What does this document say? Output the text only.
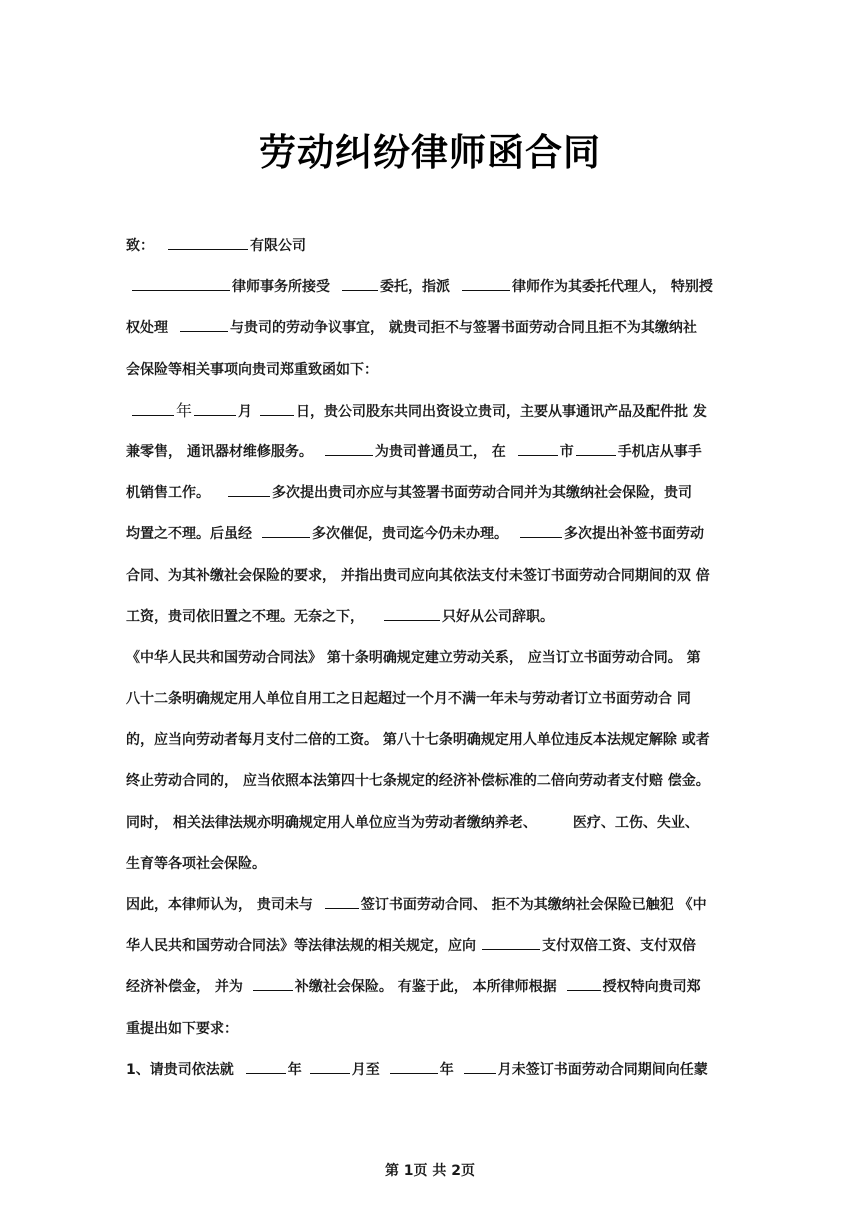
劳动纠纷律师函合同
致：	有限公司
律师事务所接受	委托，指派	律师作为其委托代理人， 特别授
权处理	与贵司的劳动争议事宜， 就贵司拒不与签署书面劳动合同且拒不为其缴纳社
会保险等相关事项向贵司郑重致函如下：
年	月	日，贵公司股东共同出资设立贵司，主要从事通讯产品及配件批 发
兼零售， 通讯器材维修服务。	为贵司普通员工， 在	市	手机店从事手
机销售工作。	多次提出贵司亦应与其签署书面劳动合同并为其缴纳社会保险，贵司
均置之不理。后虽经	多次催促，贵司迄今仍未办理。	多次提出补签书面劳动
合同、为其补缴社会保险的要求， 并指出贵司应向其依法支付未签订书面劳动合同期间的双 倍
工资，贵司依旧置之不理。无奈之下，	只好从公司辞职。
《中华人民共和国劳动合同法》 第十条明确规定建立劳动关系， 应当订立书面劳动合同。 第
八十二条明确规定用人单位自用工之日起超过一个月不满一年未与劳动者订立书面劳动合 同
的，应当向劳动者每月支付二倍的工资。 第八十七条明确规定用人单位违反本法规定解除 或者
终止劳动合同的， 应当依照本法第四十七条规定的经济补偿标准的二倍向劳动者支付赔 偿金。
同时， 相关法律法规亦明确规定用人单位应当为劳动者缴纳养老、	医疗、工伤、失业、
生育等各项社会保险。
因此，本律师认为， 贵司未与	签订书面劳动合同、 拒不为其缴纳社会保险已触犯 《中
华人民共和国劳动合同法》等法律法规的相关规定，应向	支付双倍工资、支付双倍
经济补偿金， 并为	补缴社会保险。 有鉴于此， 本所律师根据	授权特向贵司郑
重提出如下要求：
1、请贵司依法就	年	月至	年	月未签订书面劳动合同期间向任蒙
第 1页 共 2页
